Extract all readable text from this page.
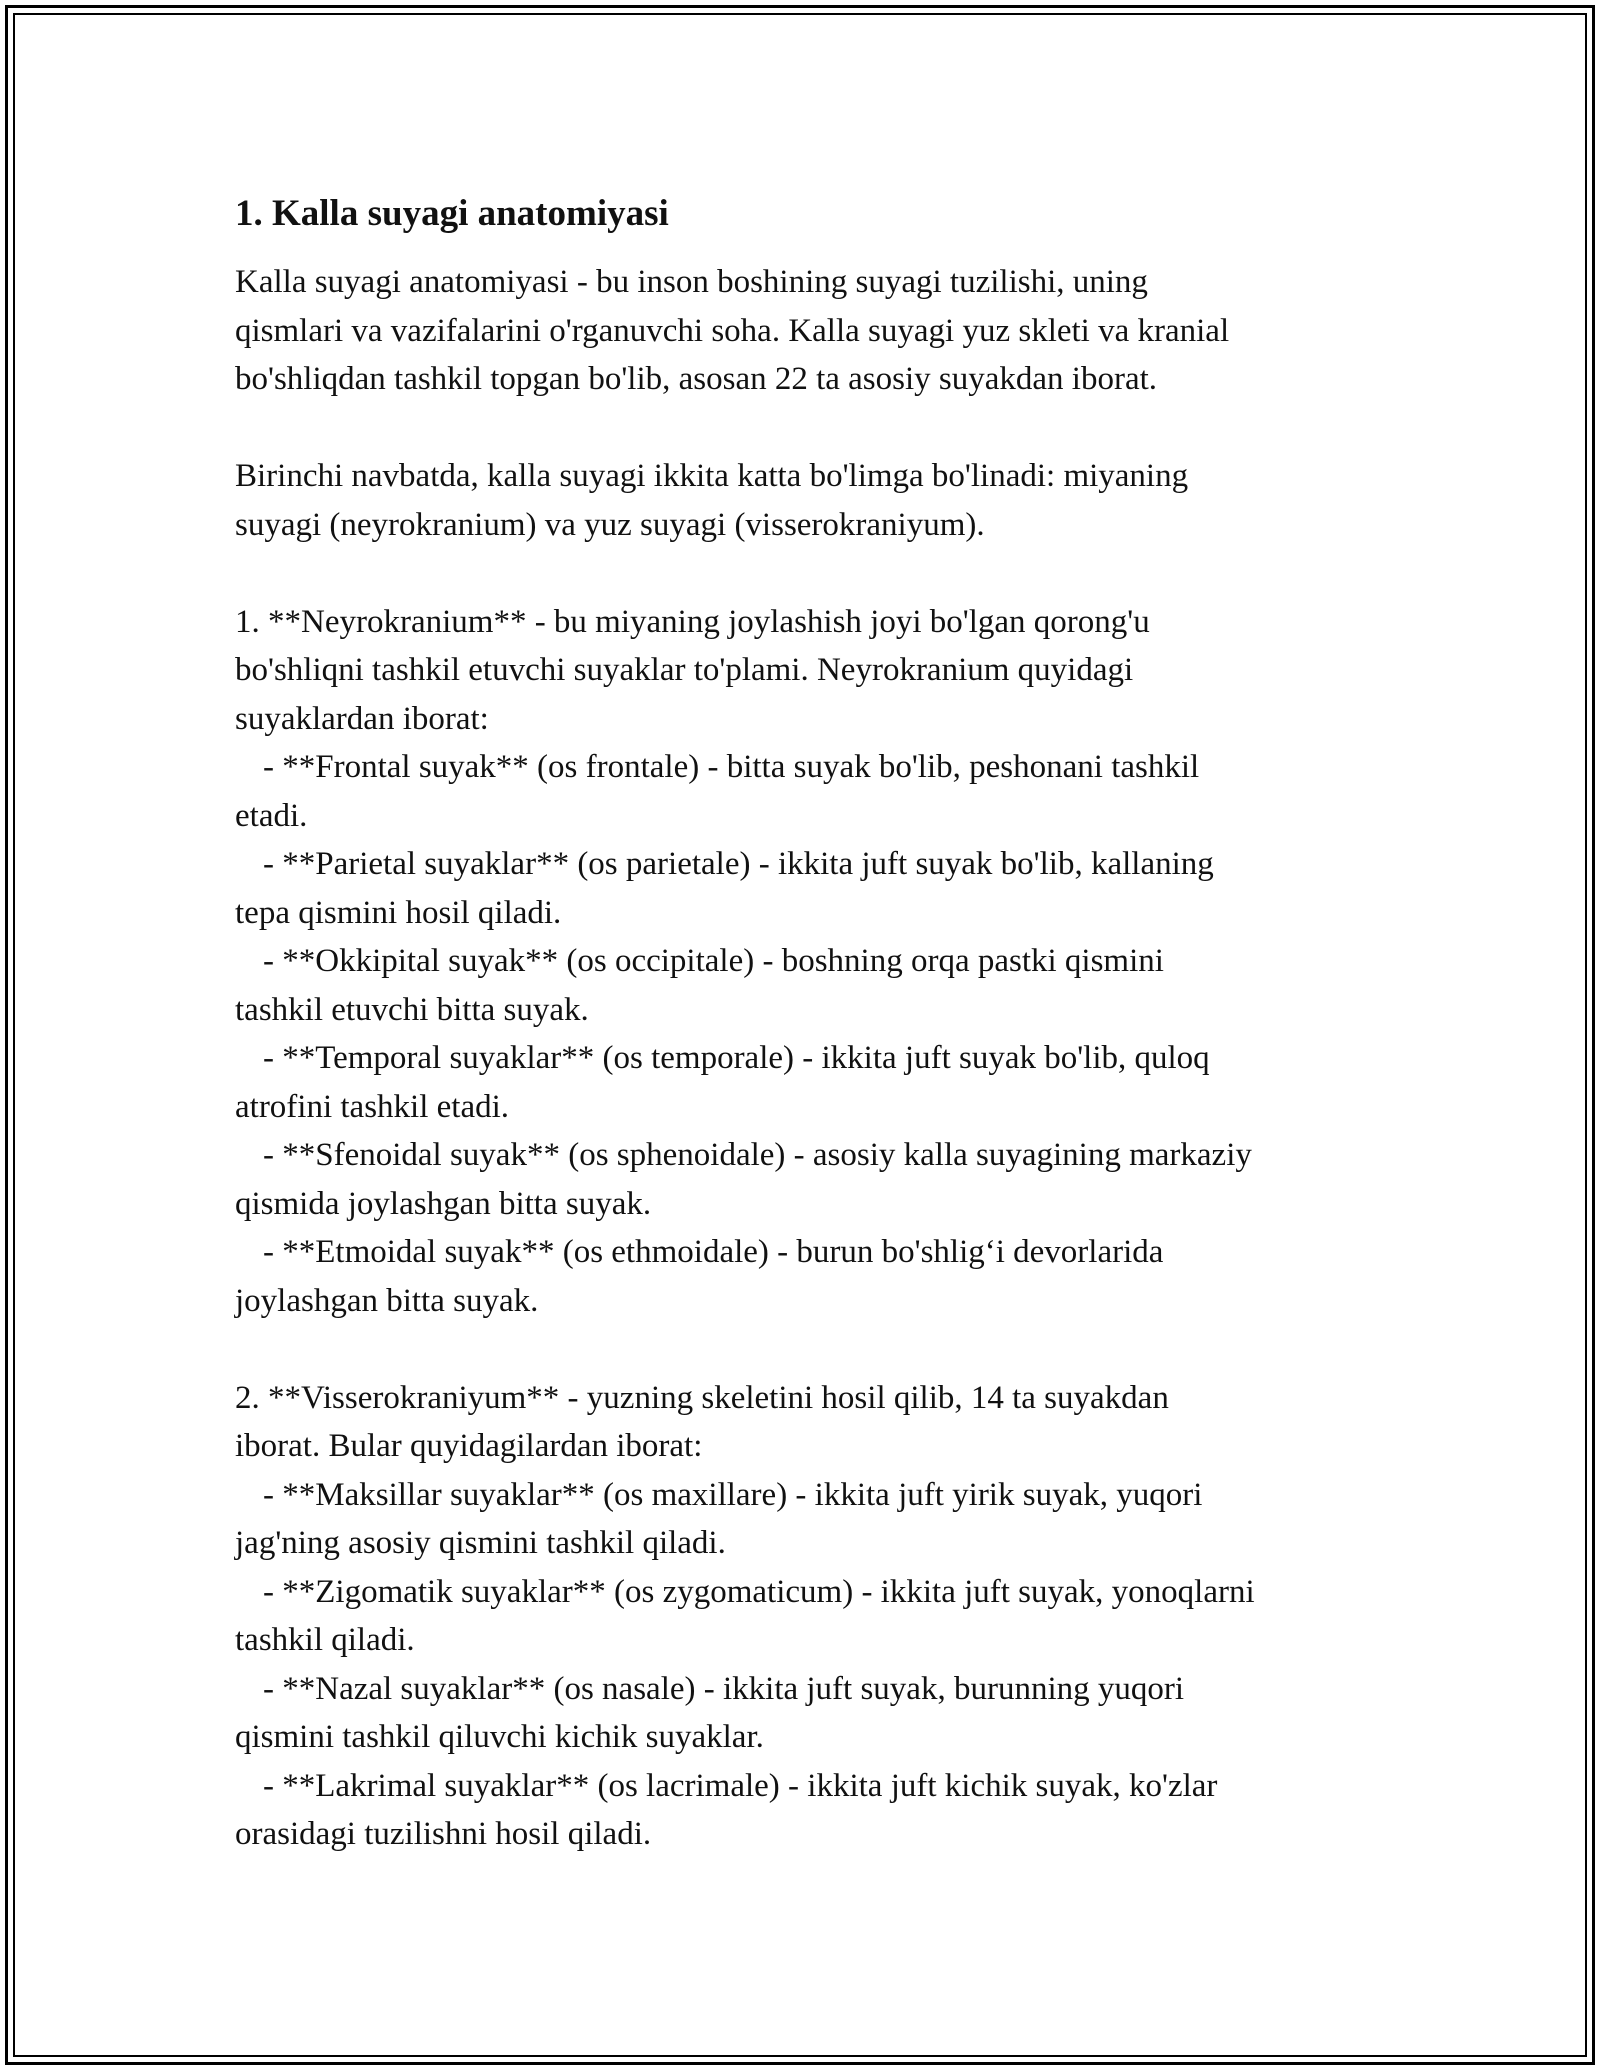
1. Kalla suyagi anatomiyasi
Kalla suyagi anatomiyasi - bu inson boshining suyagi tuzilishi, uning
qismlari va vazifalarini o'rganuvchi soha. Kalla suyagi yuz skleti va kranial
bo'shliqdan tashkil topgan bo'lib, asosan 22 ta asosiy suyakdan iborat.
Birinchi navbatda, kalla suyagi ikkita katta bo'limga bo'linadi: miyaning
suyagi (neyrokranium) va yuz suyagi (visserokraniyum).
1. **Neyrokranium** - bu miyaning joylashish joyi bo'lgan qorong'u
bo'shliqni tashkil etuvchi suyaklar to'plami. Neyrokranium quyidagi
suyaklardan iborat:
- **Frontal suyak** (os frontale) - bitta suyak bo'lib, peshonani tashkil
etadi.
- **Parietal suyaklar** (os parietale) - ikkita juft suyak bo'lib, kallaning
tepa qismini hosil qiladi.
- **Okkipital suyak** (os occipitale) - boshning orqa pastki qismini
tashkil etuvchi bitta suyak.
- **Temporal suyaklar** (os temporale) - ikkita juft suyak bo'lib, quloq
atrofini tashkil etadi.
- **Sfenoidal suyak** (os sphenoidale) - asosiy kalla suyagining markaziy
qismida joylashgan bitta suyak.
- **Etmoidal suyak** (os ethmoidale) - burun bo'shlig‘i devorlarida
joylashgan bitta suyak.
2. **Visserokraniyum** - yuzning skeletini hosil qilib, 14 ta suyakdan
iborat. Bular quyidagilardan iborat:
- **Maksillar suyaklar** (os maxillare) - ikkita juft yirik suyak, yuqori
jag'ning asosiy qismini tashkil qiladi.
- **Zigomatik suyaklar** (os zygomaticum) - ikkita juft suyak, yonoqlarni
tashkil qiladi.
- **Nazal suyaklar** (os nasale) - ikkita juft suyak, burunning yuqori
qismini tashkil qiluvchi kichik suyaklar.
- **Lakrimal suyaklar** (os lacrimale) - ikkita juft kichik suyak, ko'zlar
orasidagi tuzilishni hosil qiladi.
